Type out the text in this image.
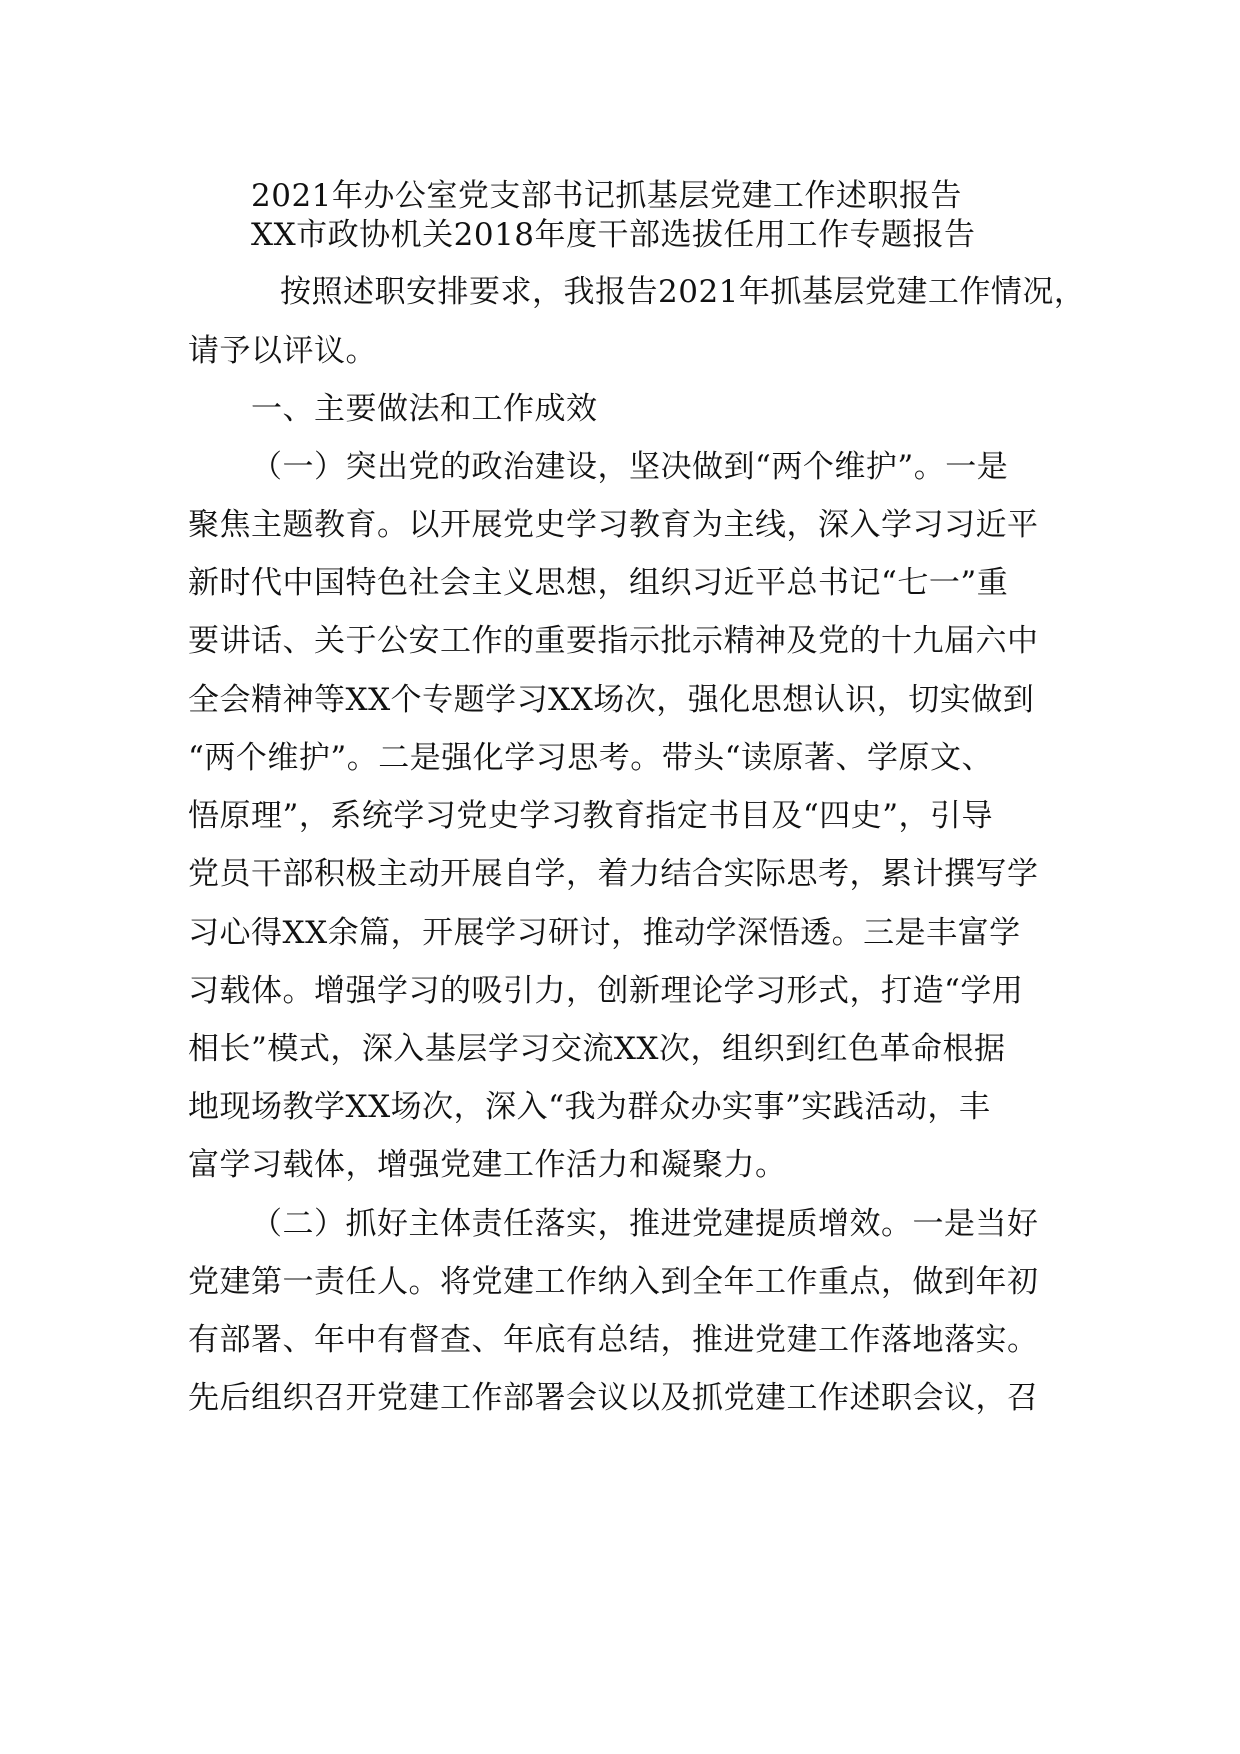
2021年办公室党支部书记抓基层党建工作述职报告
XX市政协机关2018年度干部选拔任用工作专题报告
按照述职安排要求，我报告2021年抓基层党建工作情况，
请予以评议。
一、主要做法和工作成效
（一）突出党的政治建设，坚决做到“两个维护”。一是
聚焦主题教育。以开展党史学习教育为主线，深入学习习近平
新时代中国特色社会主义思想，组织习近平总书记“七一”重
要讲话、关于公安工作的重要指示批示精神及党的十九届六中
全会精神等XX个专题学习XX场次，强化思想认识，切实做到
“两个维护”。二是强化学习思考。带头“读原著、学原文、
悟原理”，系统学习党史学习教育指定书目及“四史”，引导
党员干部积极主动开展自学，着力结合实际思考，累计撰写学
习心得XX余篇，开展学习研讨，推动学深悟透。三是丰富学
习载体。增强学习的吸引力，创新理论学习形式，打造“学用
相长”模式，深入基层学习交流XX次，组织到红色革命根据
地现场教学XX场次，深入“我为群众办实事”实践活动，丰
富学习载体，增强党建工作活力和凝聚力。
（二）抓好主体责任落实，推进党建提质增效。一是当好
党建第一责任人。将党建工作纳入到全年工作重点，做到年初
有部署、年中有督查、年底有总结，推进党建工作落地落实。
先后组织召开党建工作部署会议以及抓党建工作述职会议，召
